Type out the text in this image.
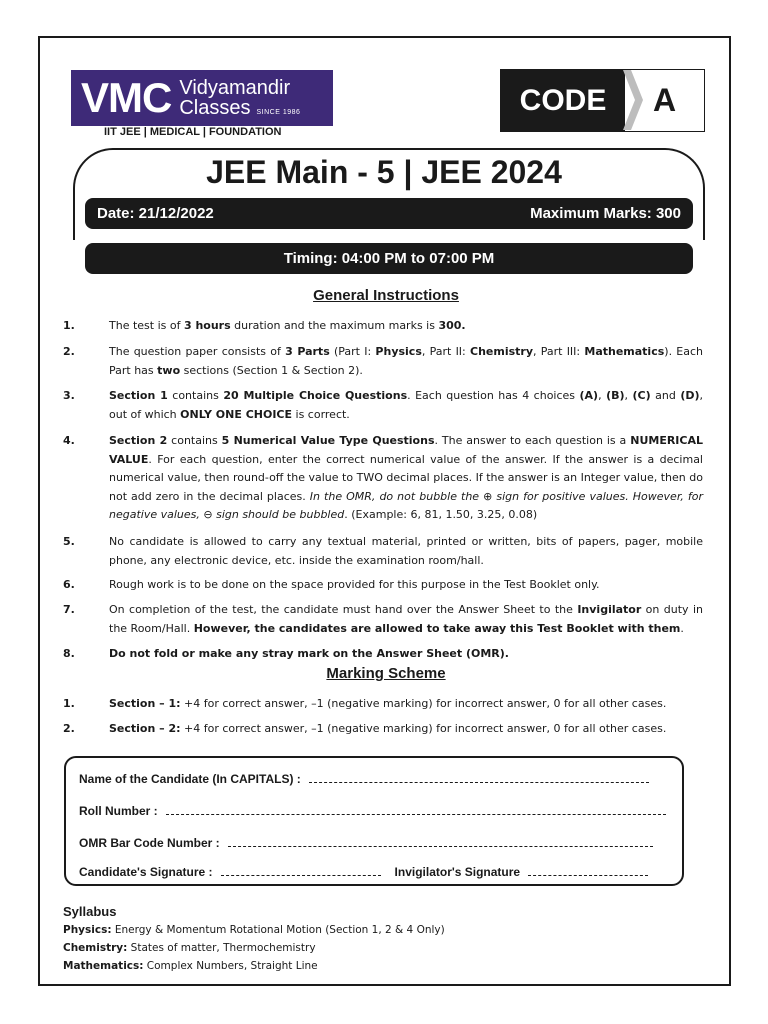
VMC Vidyamandir
Classes SINCE 1986
IIT JEE | MEDICAL | FOUNDATION
CODE	A
JEE Main - 5 | JEE 2024
Date: 21/12/2022	Maximum Marks: 300
Timing: 04:00 PM to 07:00 PM
General Instructions
1.	The test is of 3 hours duration and the maximum marks is 300.
2.	The question paper consists of 3 Parts (Part I: Physics, Part II: Chemistry, Part III: Mathematics). Each Part has two sections (Section 1 & Section 2).
3.	Section 1 contains 20 Multiple Choice Questions. Each question has 4 choices (A), (B), (C) and (D), out of which ONLY ONE CHOICE is correct.
4.	Section 2 contains 5 Numerical Value Type Questions. The answer to each question is a NUMERICAL VALUE. For each question, enter the correct numerical value of the answer. If the answer is a decimal numerical value, then round-off the value to TWO decimal places. If the answer is an Integer value, then do not add zero in the decimal places. In the OMR, do not bubble the ⊕ sign for positive values. However, for negative values, ⊖ sign should be bubbled. (Example: 6, 81, 1.50, 3.25, 0.08)
5.	No candidate is allowed to carry any textual material, printed or written, bits of papers, pager, mobile phone, any electronic device, etc. inside the examination room/hall.
6.	Rough work is to be done on the space provided for this purpose in the Test Booklet only.
7.	On completion of the test, the candidate must hand over the Answer Sheet to the Invigilator on duty in the Room/Hall. However, the candidates are allowed to take away this Test Booklet with them.
8.	Do not fold or make any stray mark on the Answer Sheet (OMR).
Marking Scheme
1.	Section – 1: +4 for correct answer, –1 (negative marking) for incorrect answer, 0 for all other cases.
2.	Section – 2: +4 for correct answer, –1 (negative marking) for incorrect answer, 0 for all other cases.
Name of the Candidate (In CAPITALS) :
Roll Number :
OMR Bar Code Number :
Candidate's Signature :	Invigilator's Signature
Syllabus
Physics: Energy & Momentum Rotational Motion (Section 1, 2 & 4 Only)
Chemistry: States of matter, Thermochemistry
Mathematics: Complex Numbers, Straight Line
